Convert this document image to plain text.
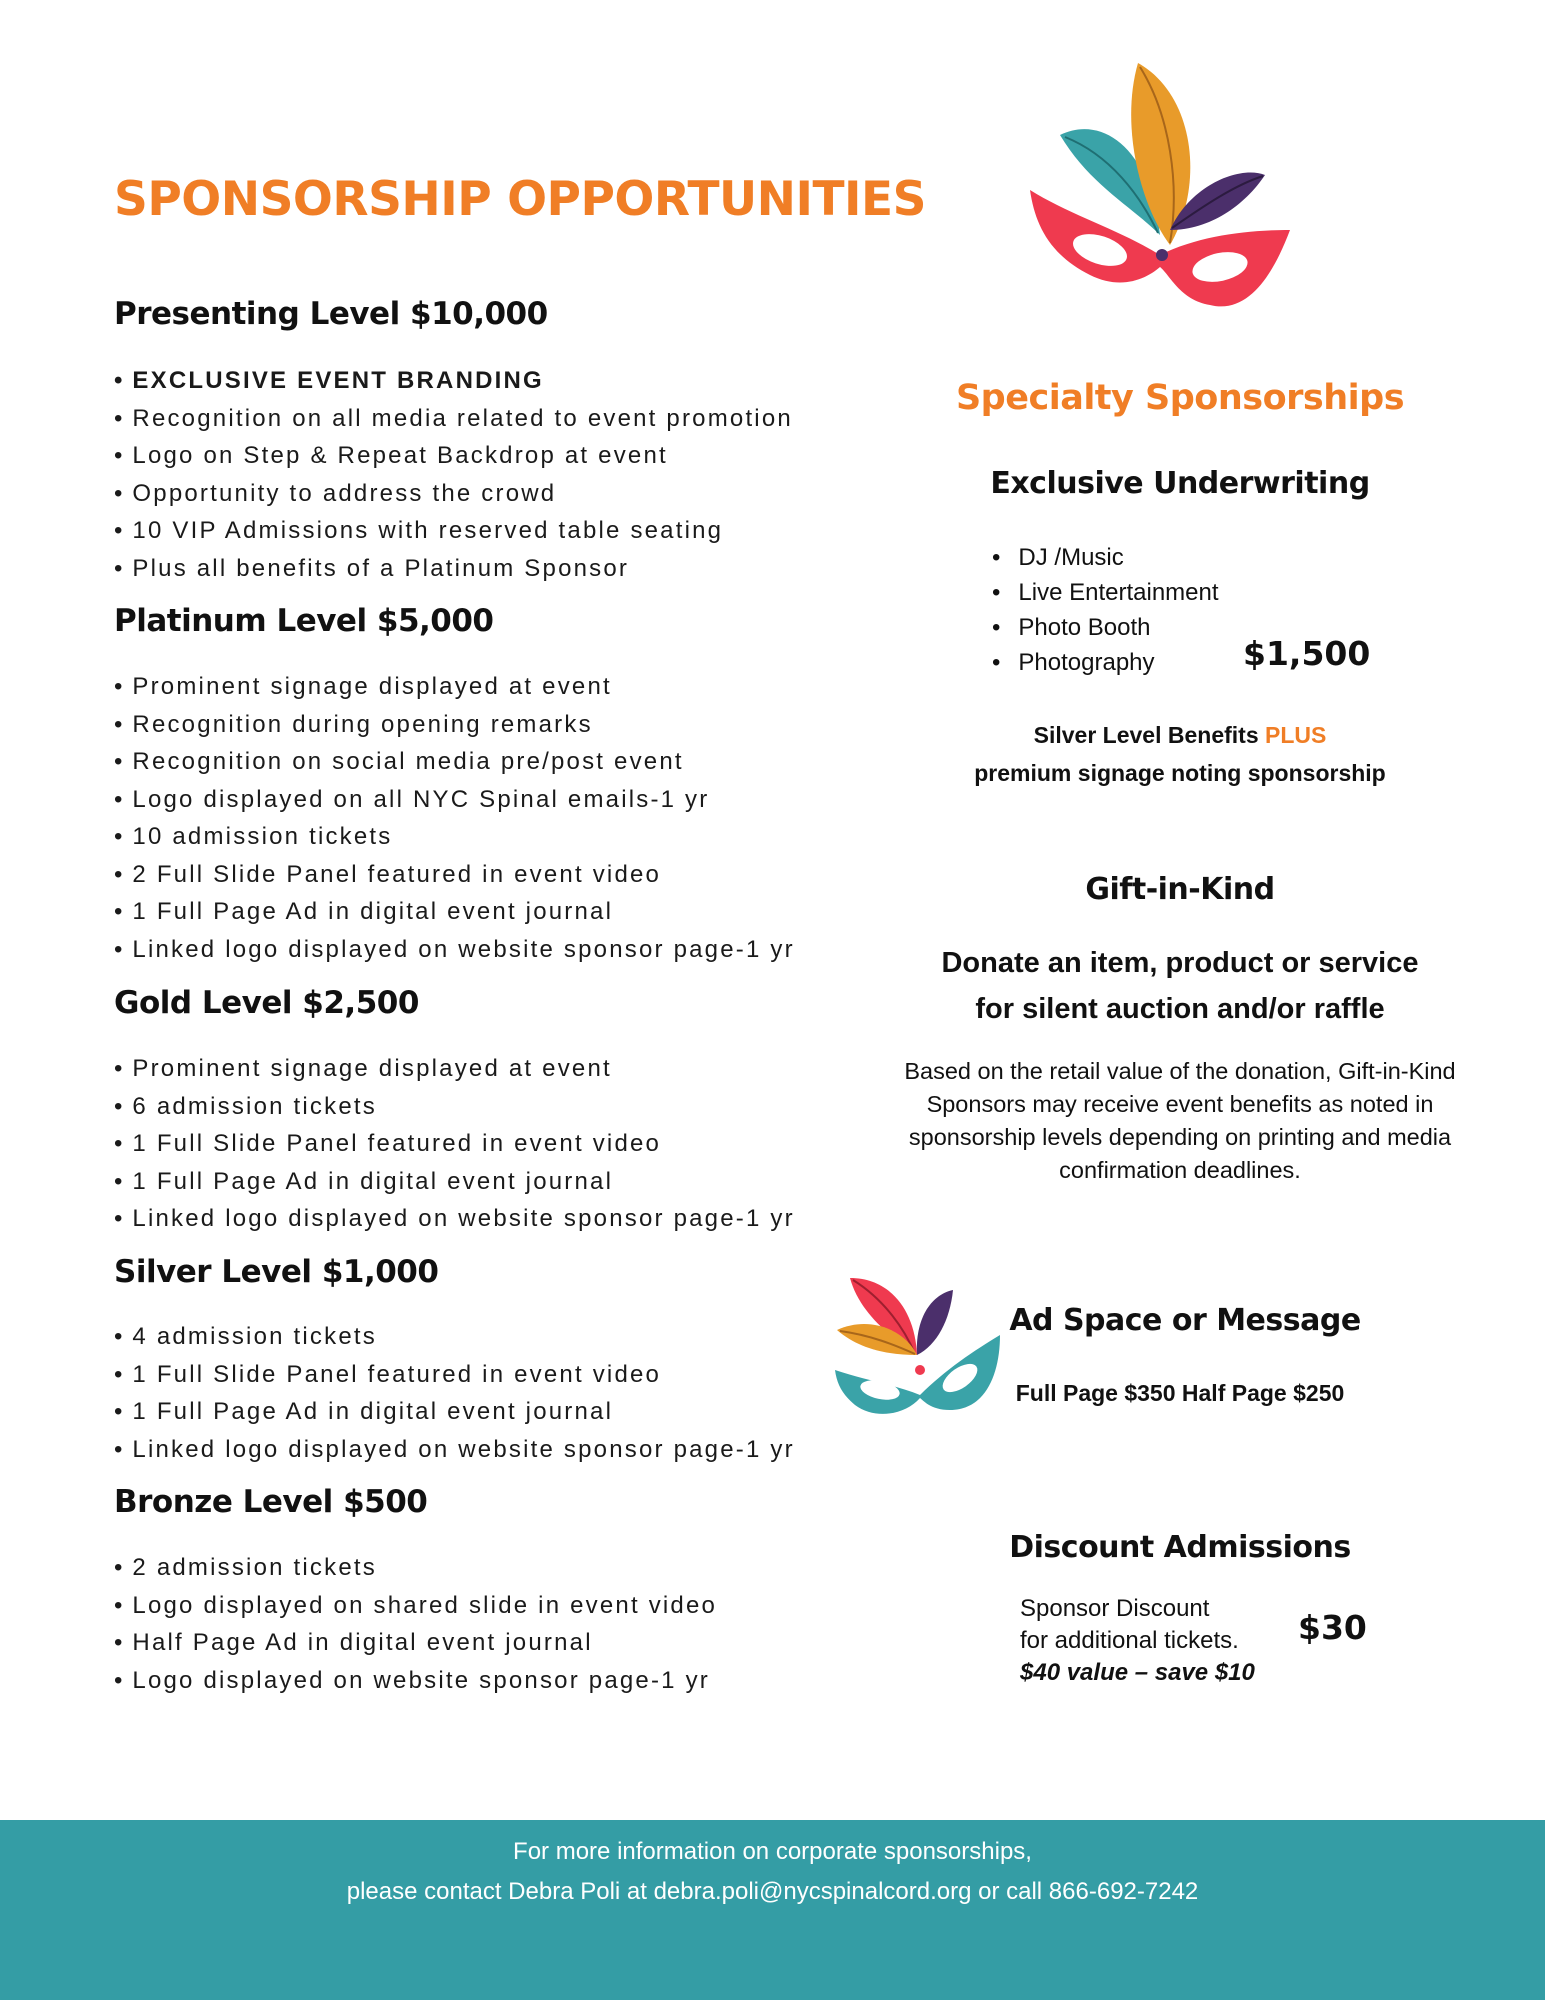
SPONSORSHIP OPPORTUNITIES
Presenting Level $10,000
• EXCLUSIVE EVENT BRANDING
• Recognition on all media related to event promotion
• Logo on Step & Repeat Backdrop at event
• Opportunity to address the crowd
• 10 VIP Admissions with reserved table seating
• Plus all benefits of a Platinum Sponsor
Platinum Level $5,000
• Prominent signage displayed at event
• Recognition during opening remarks
• Recognition on social media pre/post event
• Logo displayed on all NYC Spinal emails-1 yr
• 10 admission tickets
• 2 Full Slide Panel featured in event video
• 1 Full Page Ad in digital event journal
• Linked logo displayed on website sponsor page-1 yr
Gold Level $2,500
• Prominent signage displayed at event
• 6 admission tickets
• 1 Full Slide Panel featured in event video
• 1 Full Page Ad in digital event journal
• Linked logo displayed on website sponsor page-1 yr
Silver Level $1,000
• 4 admission tickets
• 1 Full Slide Panel featured in event video
• 1 Full Page Ad in digital event journal
• Linked logo displayed on website sponsor page-1 yr
Bronze Level $500
• 2 admission tickets
• Logo displayed on shared slide in event video
• Half Page Ad in digital event journal
• Logo displayed on website sponsor page-1 yr
Specialty Sponsorships
Exclusive Underwriting
• DJ /Music
• Live Entertainment
• Photo Booth
• Photography	$1,500
Silver Level Benefits PLUS
premium signage noting sponsorship
Gift-in-Kind
Donate an item, product or service
for silent auction and/or raffle
Based on the retail value of the donation, Gift-in-Kind Sponsors may receive event benefits as noted in sponsorship levels depending on printing and media confirmation deadlines.
Ad Space or Message
Full Page $350 Half Page $250
Discount Admissions
Sponsor Discount
for additional tickets.
$40 value – save $10
$30
For more information on corporate sponsorships,
please contact Debra Poli at debra.poli@nycspinalcord.org or call 866-692-7242
